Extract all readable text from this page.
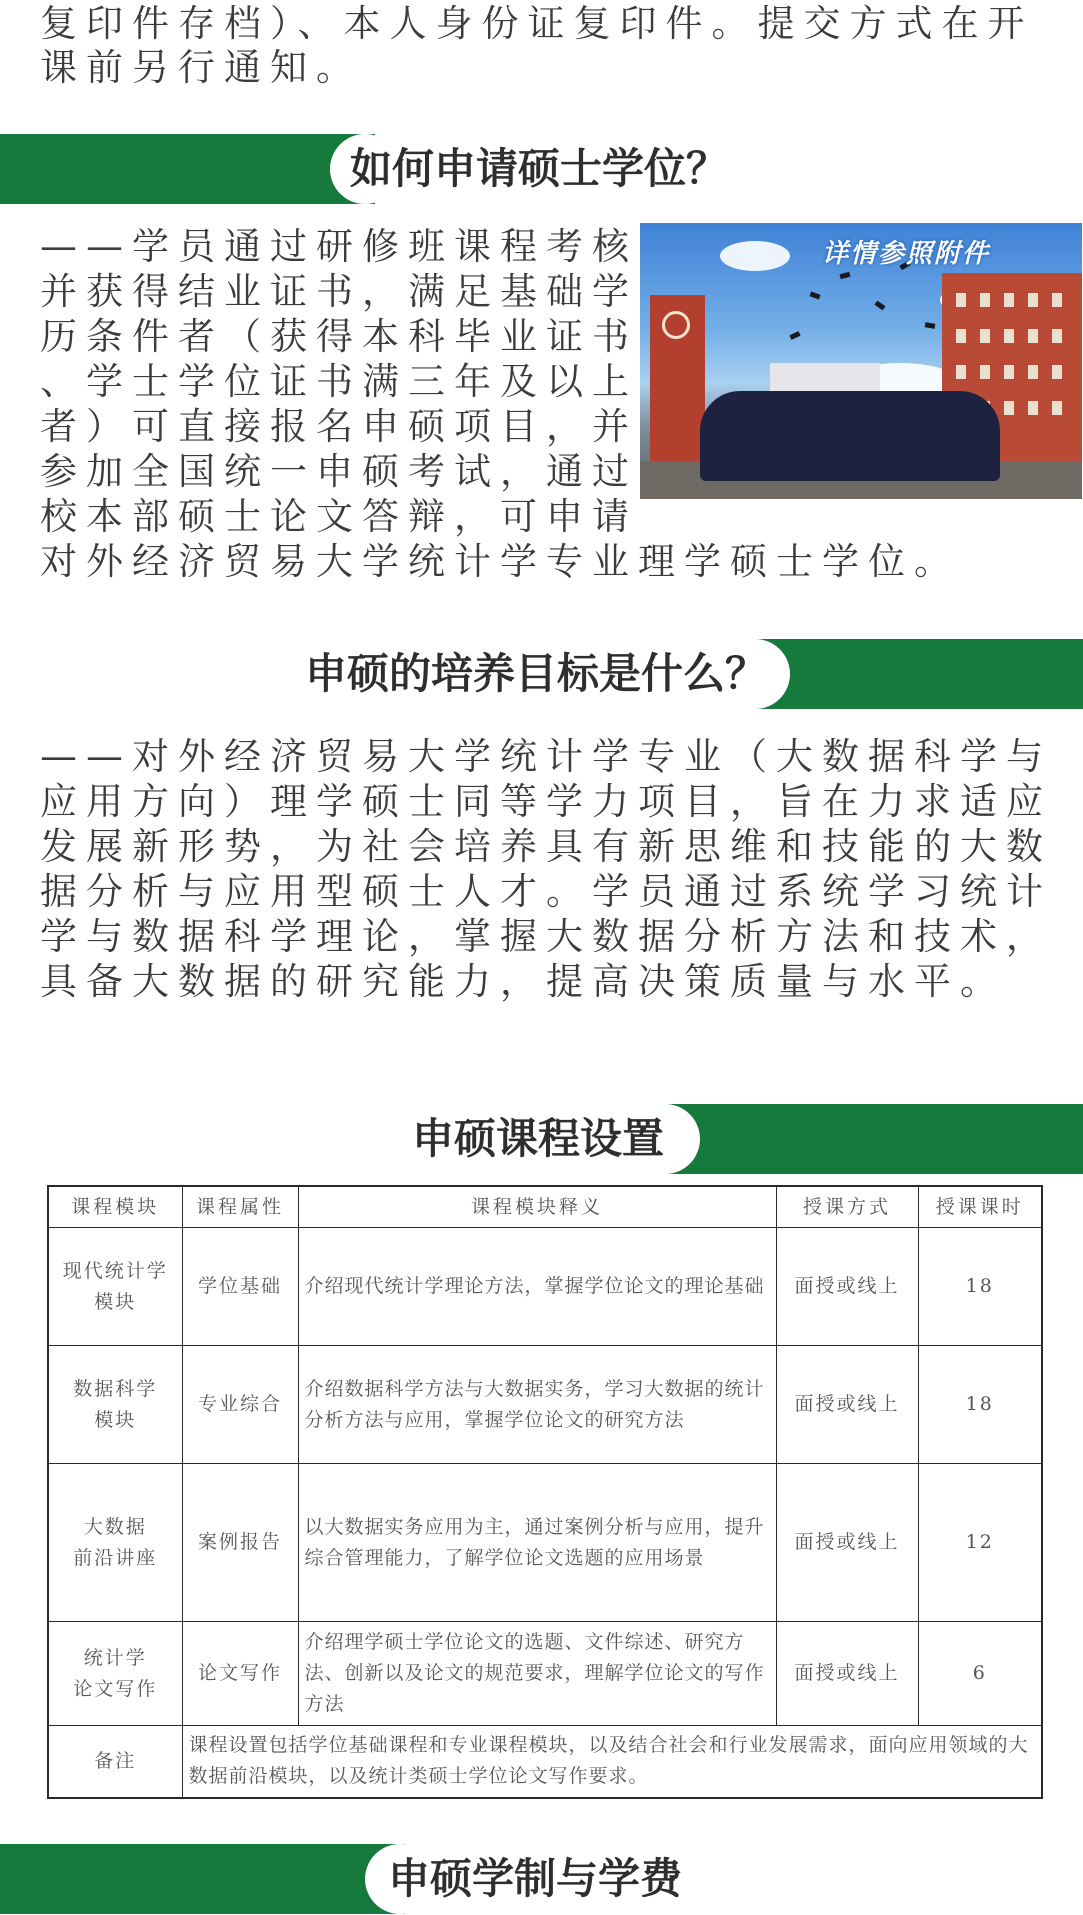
复印件存档）、本人身份证复印件。提交方式在开
课前另行通知。
如何申请硕士学位？
——学员通过研修班课程考核
并获得结业证书，满足基础学
历条件者（获得本科毕业证书
、学士学位证书满三年及以上
者）可直接报名申硕项目，并
参加全国统一申硕考试，通过
校本部硕士论文答辩，可申请
对外经济贸易大学统计学专业理学硕士学位。
详情参照附件
申硕的培养目标是什么？
——对外经济贸易大学统计学专业（大数据科学与
应用方向）理学硕士同等学力项目，旨在力求适应
发展新形势，为社会培养具有新思维和技能的大数
据分析与应用型硕士人才。学员通过系统学习统计
学与数据科学理论，掌握大数据分析方法和技术，
具备大数据的研究能力，提高决策质量与水平。
申硕课程设置
课程模块	课程属性	课程模块释义	授课方式	授课课时

现代统计学
模块	学位基础	介绍现代统计学理论方法，掌握学位论文的理论基础	面授或线上	18

数据科学
模块	专业综合	介绍数据科学方法与大数据实务，学习大数据的统计分析方法与应用，掌握学位论文的研究方法	面授或线上	18

大数据
前沿讲座	案例报告	以大数据实务应用为主，通过案例分析与应用，提升综合管理能力，了解学位论文选题的应用场景	面授或线上	12

统计学
论文写作	论文写作	介绍理学硕士学位论文的选题、文件综述、研究方法、创新以及论文的规范要求，理解学位论文的写作方法	面授或线上	6
备注	课程设置包括学位基础课程和专业课程模块，以及结合社会和行业发展需求，面向应用领域的大数据前沿模块，以及统计类硕士学位论文写作要求。			
申硕学制与学费
